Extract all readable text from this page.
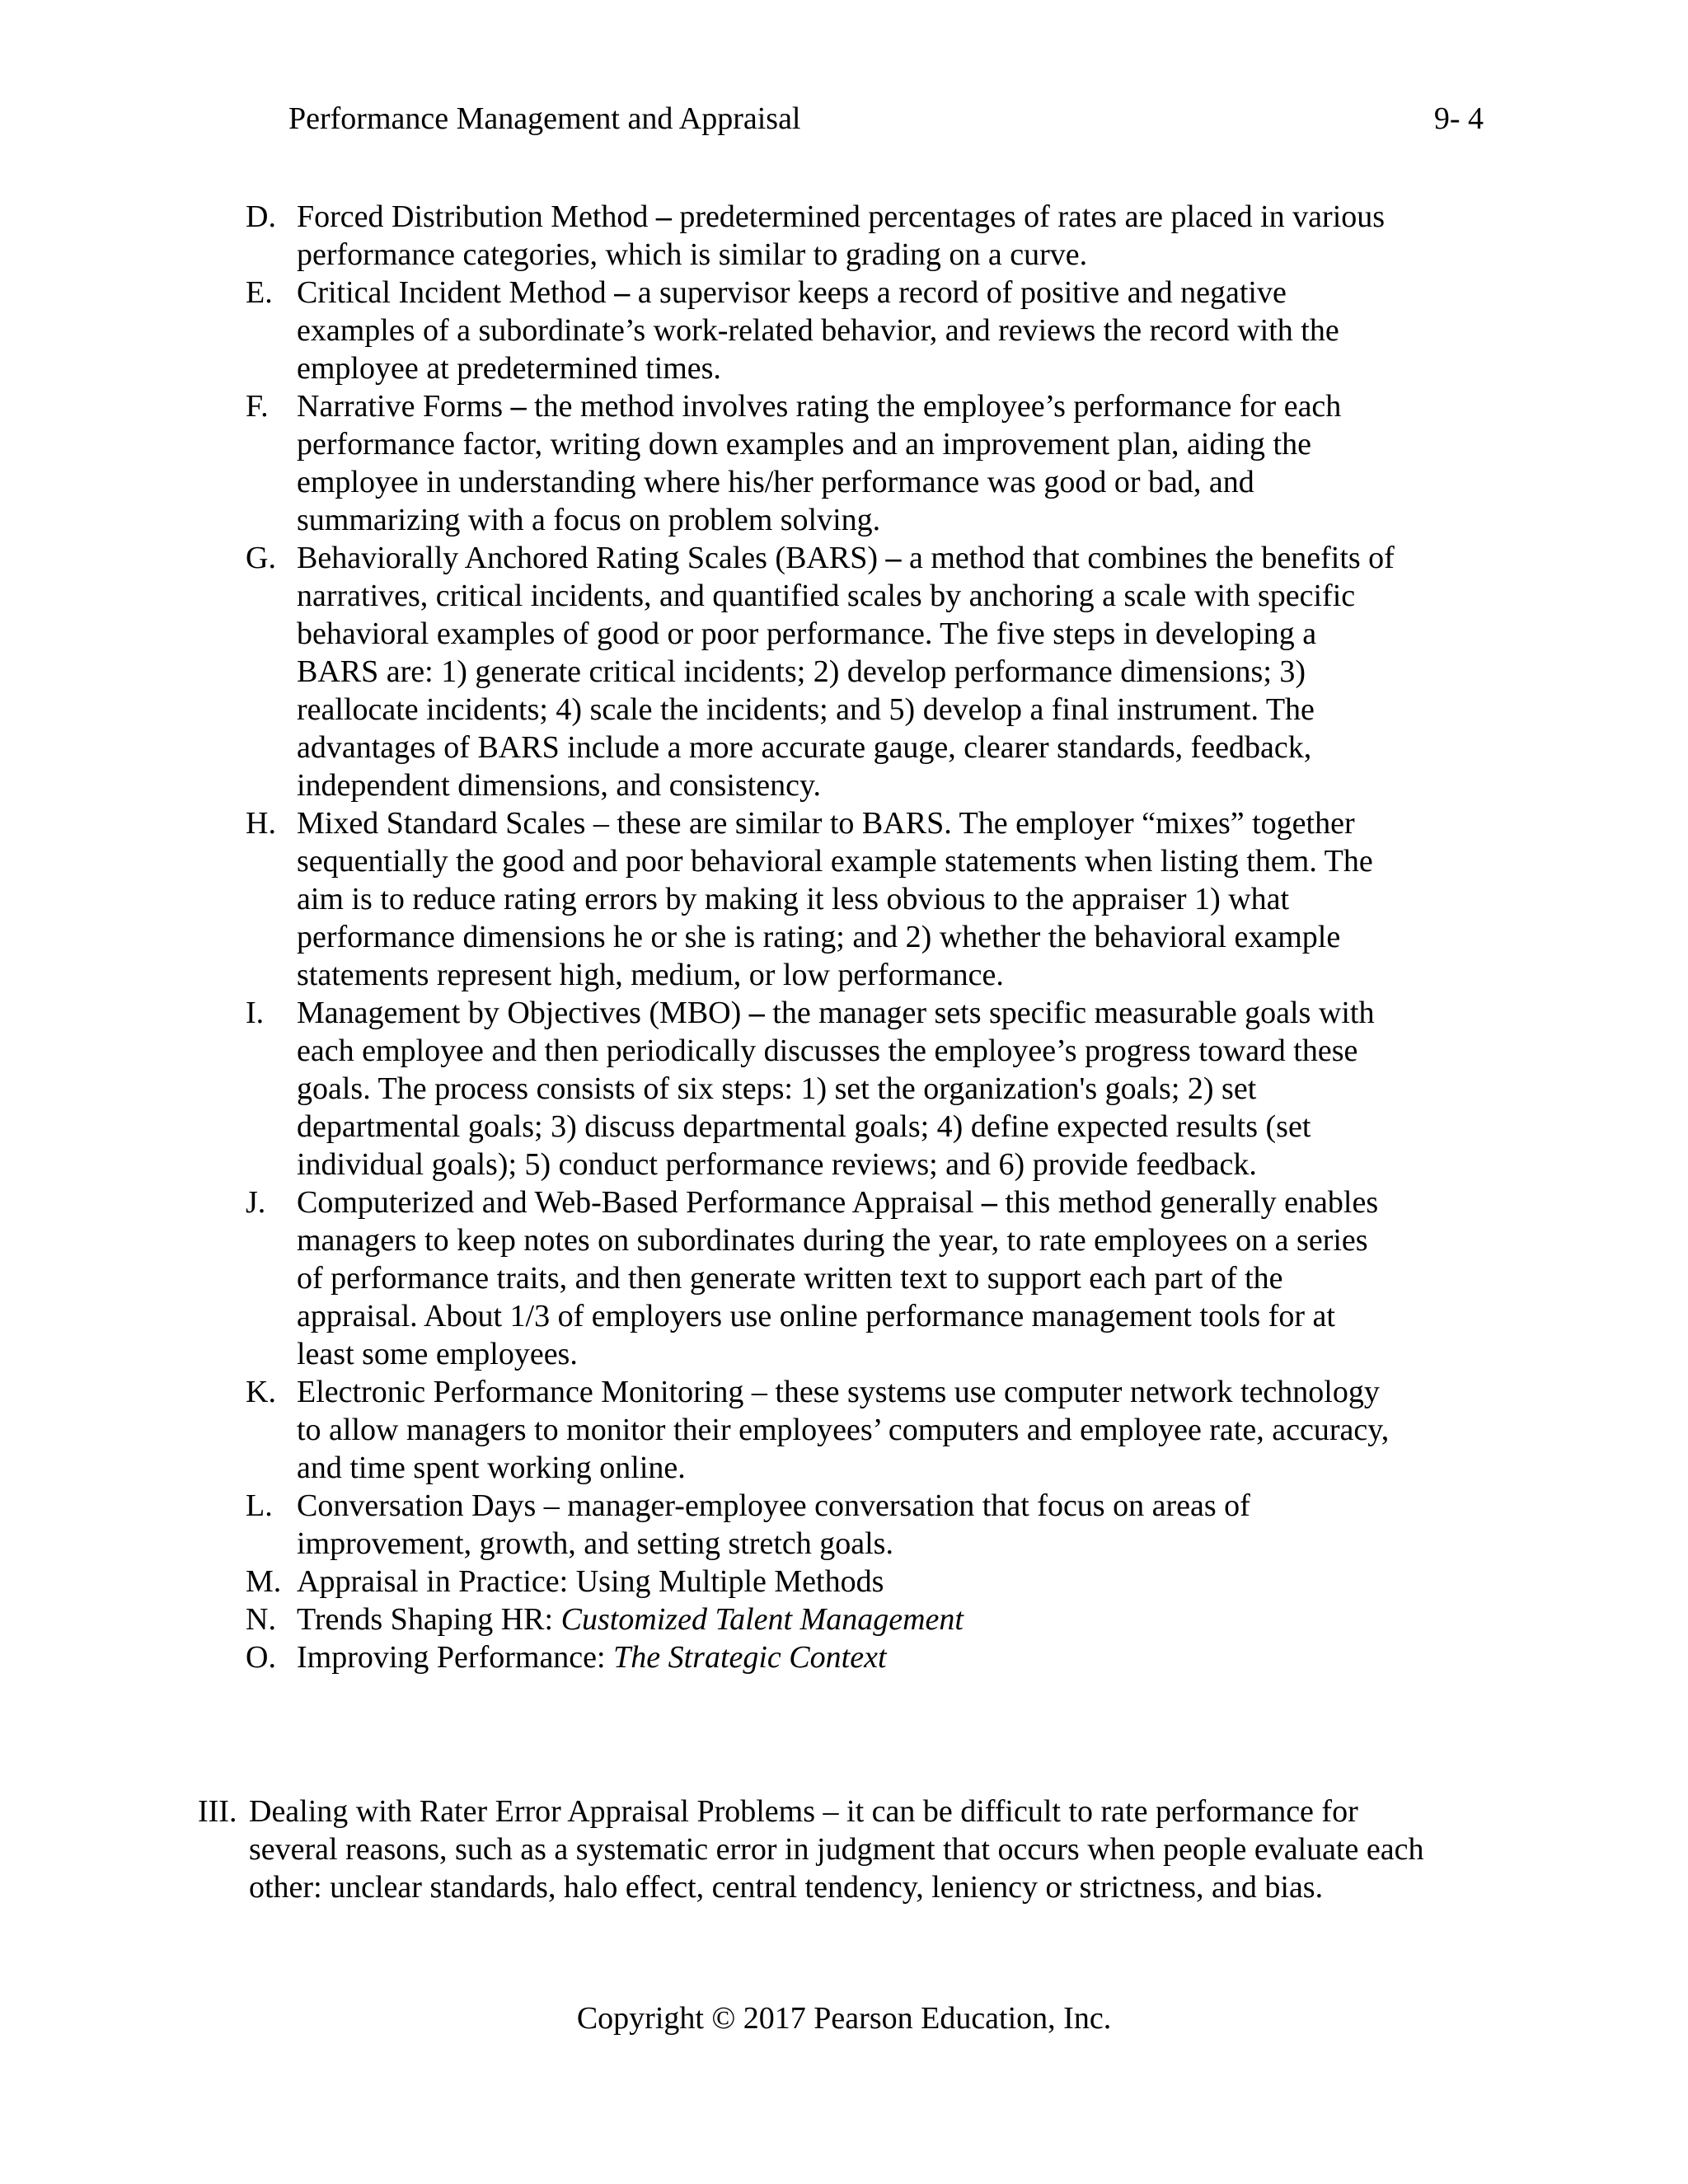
Performance Management and Appraisal	9- 4
D. Forced Distribution Method – predetermined percentages of rates are placed in various performance categories, which is similar to grading on a curve.
E. Critical Incident Method – a supervisor keeps a record of positive and negative examples of a subordinate’s work-related behavior, and reviews the record with the employee at predetermined times.
F. Narrative Forms – the method involves rating the employee’s performance for each performance factor, writing down examples and an improvement plan, aiding the employee in understanding where his/her performance was good or bad, and summarizing with a focus on problem solving.
G. Behaviorally Anchored Rating Scales (BARS) – a method that combines the benefits of narratives, critical incidents, and quantified scales by anchoring a scale with specific behavioral examples of good or poor performance. The five steps in developing a BARS are: 1) generate critical incidents; 2) develop performance dimensions; 3) reallocate incidents; 4) scale the incidents; and 5) develop a final instrument. The advantages of BARS include a more accurate gauge, clearer standards, feedback, independent dimensions, and consistency.
H. Mixed Standard Scales – these are similar to BARS. The employer “mixes” together sequentially the good and poor behavioral example statements when listing them. The aim is to reduce rating errors by making it less obvious to the appraiser 1) what performance dimensions he or she is rating; and 2) whether the behavioral example statements represent high, medium, or low performance.
I. Management by Objectives (MBO) – the manager sets specific measurable goals with each employee and then periodically discusses the employee’s progress toward these goals. The process consists of six steps: 1) set the organization's goals; 2) set departmental goals; 3) discuss departmental goals; 4) define expected results (set individual goals); 5) conduct performance reviews; and 6) provide feedback.
J. Computerized and Web-Based Performance Appraisal – this method generally enables managers to keep notes on subordinates during the year, to rate employees on a series of performance traits, and then generate written text to support each part of the appraisal. About 1/3 of employers use online performance management tools for at least some employees.
K. Electronic Performance Monitoring – these systems use computer network technology to allow managers to monitor their employees’ computers and employee rate, accuracy, and time spent working online.
L. Conversation Days – manager-employee conversation that focus on areas of improvement, growth, and setting stretch goals.
M. Appraisal in Practice: Using Multiple Methods
N. Trends Shaping HR: Customized Talent Management
O. Improving Performance: The Strategic Context
III. Dealing with Rater Error Appraisal Problems – it can be difficult to rate performance for several reasons, such as a systematic error in judgment that occurs when people evaluate each other: unclear standards, halo effect, central tendency, leniency or strictness, and bias.
Copyright © 2017 Pearson Education, Inc.
